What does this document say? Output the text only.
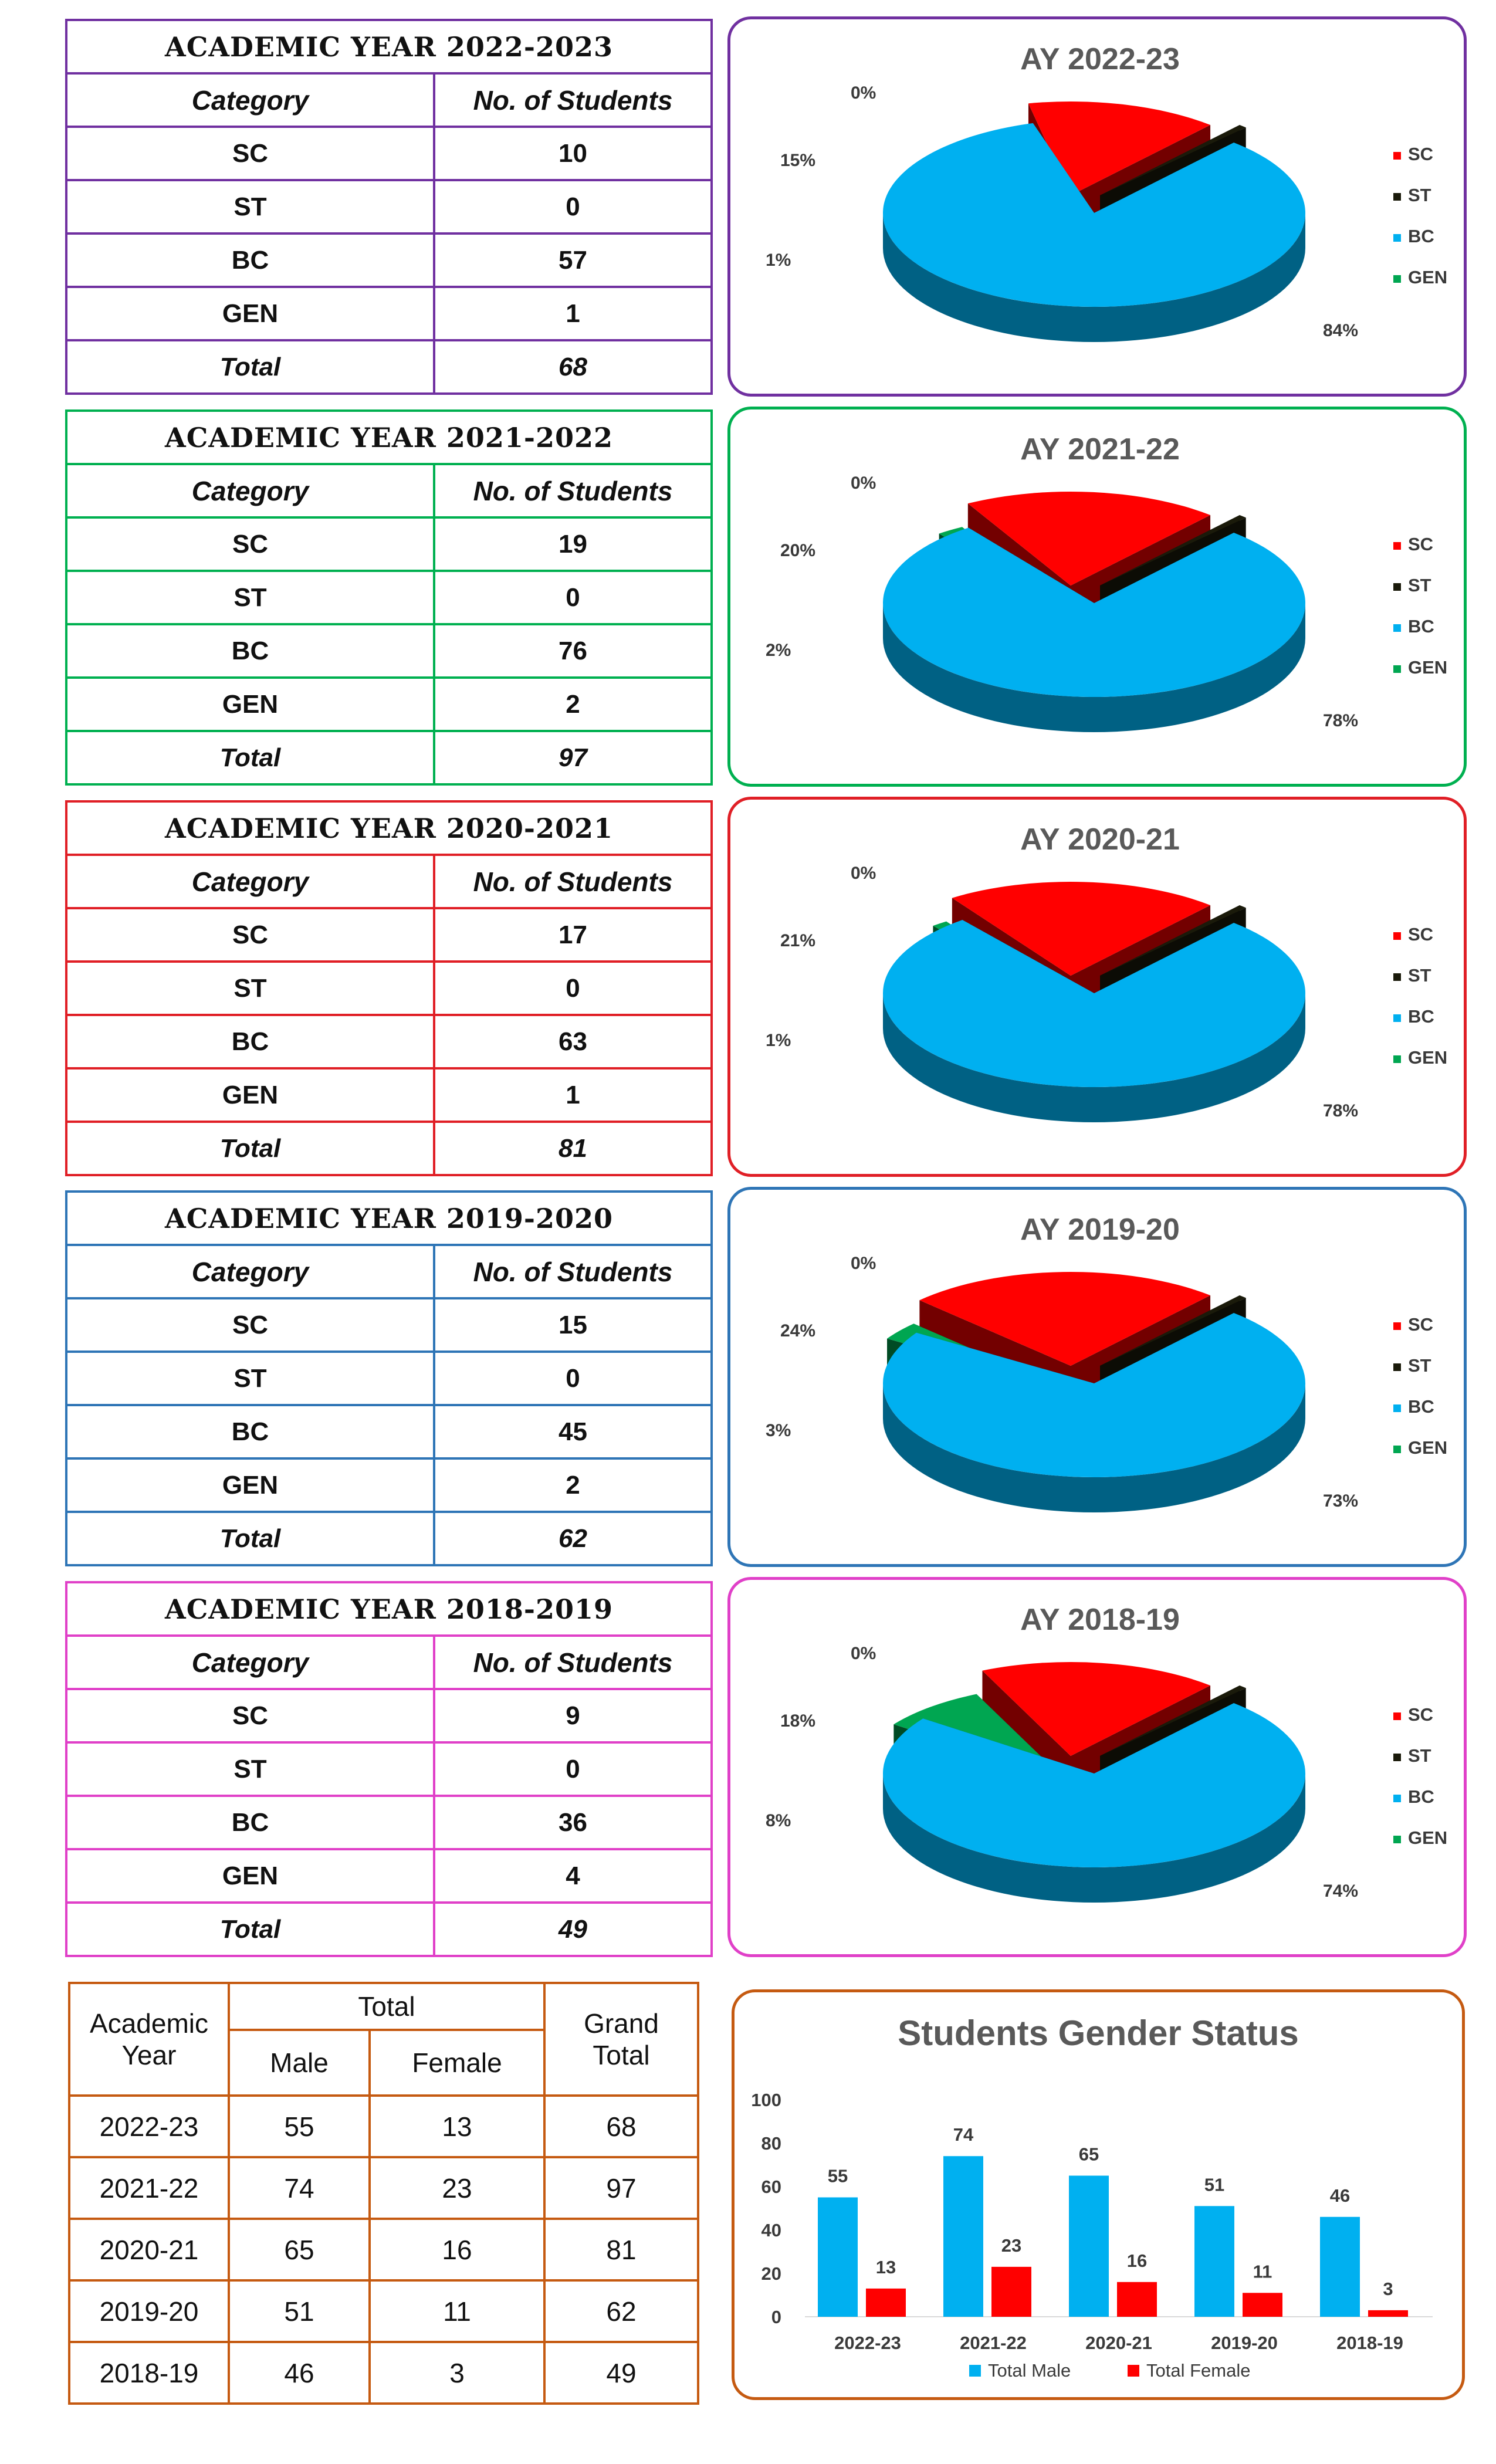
ACADEMIC YEAR 2022-2023	
Category	No. of Students
SC	10
ST	0
BC	57
GEN	1
Total	68
ACADEMIC YEAR 2021-2022	
Category	No. of Students
SC	19
ST	0
BC	76
GEN	2
Total	97
ACADEMIC YEAR 2020-2021	
Category	No. of Students
SC	17
ST	0
BC	63
GEN	1
Total	81
ACADEMIC YEAR 2019-2020	
Category	No. of Students
SC	15
ST	0
BC	45
GEN	2
Total	62
ACADEMIC YEAR 2018-2019	
Category	No. of Students
SC	9
ST	0
BC	36
GEN	4
Total	49
AY 2022-23
15%
0%
84%
1%
SC
ST
BC
GEN
AY 2021-22
20%
0%
78%
2%
SC
ST
BC
GEN
AY 2020-21
21%
0%
78%
1%
SC
ST
BC
GEN
AY 2019-20
24%
0%
73%
3%
SC
ST
BC
GEN
AY 2018-19
18%
0%
74%
8%
SC
ST
BC
GEN
Academic Year	Total		Grand Total
	Male	Female	
2022-23	55	13	68
2021-22	74	23	97
2020-21	65	16	81
2019-20	51	11	62
2018-19	46	3	49
Students Gender Status
0
20
40
60
80
100
55
13
2022-23
74
23
2021-22
65
16
2020-21
51
11
2019-20
46
3
2018-19
Total Male	Total Female
